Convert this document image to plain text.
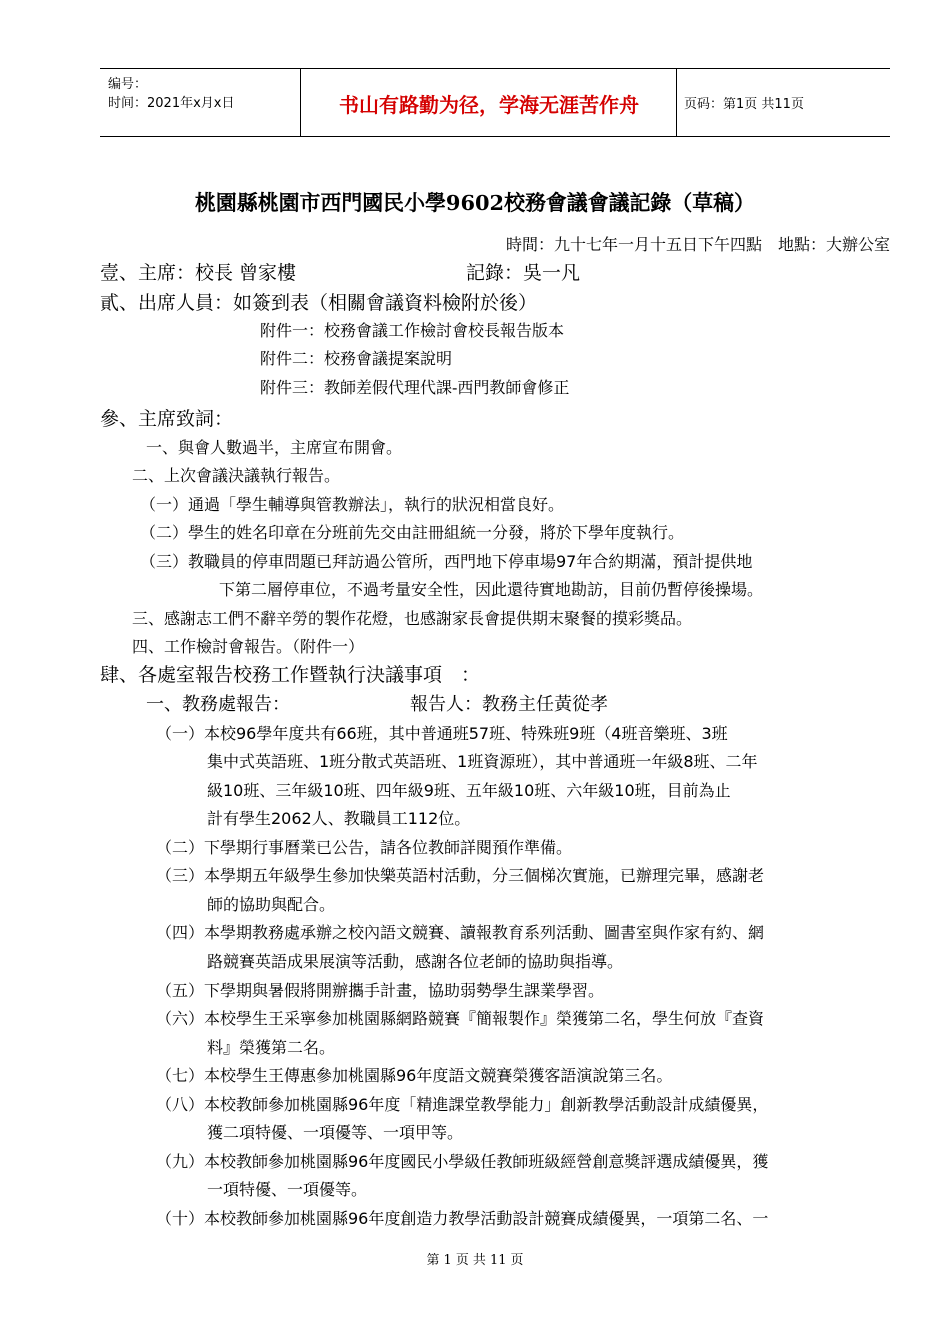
编号：
时间：2021年x月x日	书山有路勤为径，学海无涯苦作舟	页码：第1页 共11页
桃園縣桃園市西門國民小學9602校務會議會議記錄（草稿）
時間：九十七年一月十五日下午四點　地點：大辦公室
壹、主席：校長 曾家樓	記錄：吳一凡
貳、出席人員：如簽到表（相關會議資料檢附於後）
附件一：校務會議工作檢討會校長報告版本
附件二：校務會議提案說明
附件三：教師差假代理代課-西門教師會修正
參、主席致詞：
一、與會人數過半，主席宣布開會。
二、上次會議決議執行報告。
（一）通過「學生輔導與管教辦法」，執行的狀況相當良好。
（二）學生的姓名印章在分班前先交由註冊組統一分發，將於下學年度執行。
（三）教職員的停車問題已拜訪過公管所，西門地下停車場97年合約期滿，預計提供地
下第二層停車位，不過考量安全性，因此還待實地勘訪，目前仍暫停後操場。
三、感謝志工們不辭辛勞的製作花燈，也感謝家長會提供期末聚餐的摸彩獎品。
四、工作檢討會報告。（附件一）
肆、各處室報告校務工作暨執行決議事項　：
一、教務處報告：	報告人：教務主任黃從孝
（一）本校96學年度共有66班，其中普通班57班、特殊班9班（4班音樂班、3班
集中式英語班、1班分散式英語班、1班資源班），其中普通班一年級8班、二年
級10班、三年級10班、四年級9班、五年級10班、六年級10班，目前為止
計有學生2062人、教職員工112位。
（二）下學期行事曆業已公告，請各位教師詳閱預作準備。
（三）本學期五年級學生參加快樂英語村活動，分三個梯次實施，已辦理完畢，感謝老
師的協助與配合。
（四）本學期教務處承辦之校內語文競賽、讀報教育系列活動、圖書室與作家有約、網
路競賽英語成果展演等活動，感謝各位老師的協助與指導。
（五）下學期與暑假將開辦攜手計畫，協助弱勢學生課業學習。
（六）本校學生王采寧參加桃園縣網路競賽『簡報製作』榮獲第二名，學生何放『查資
料』榮獲第二名。
（七）本校學生王傳惠參加桃園縣96年度語文競賽榮獲客語演說第三名。
（八）本校教師參加桃園縣96年度「精進課堂教學能力」創新教學活動設計成績優異，
獲二項特優、一項優等、一項甲等。
（九）本校教師參加桃園縣96年度國民小學級任教師班級經營創意獎評選成績優異，獲
一項特優、一項優等。
（十）本校教師參加桃園縣96年度創造力教學活動設計競賽成績優異，一項第二名、一
第 1 页 共 11 页
